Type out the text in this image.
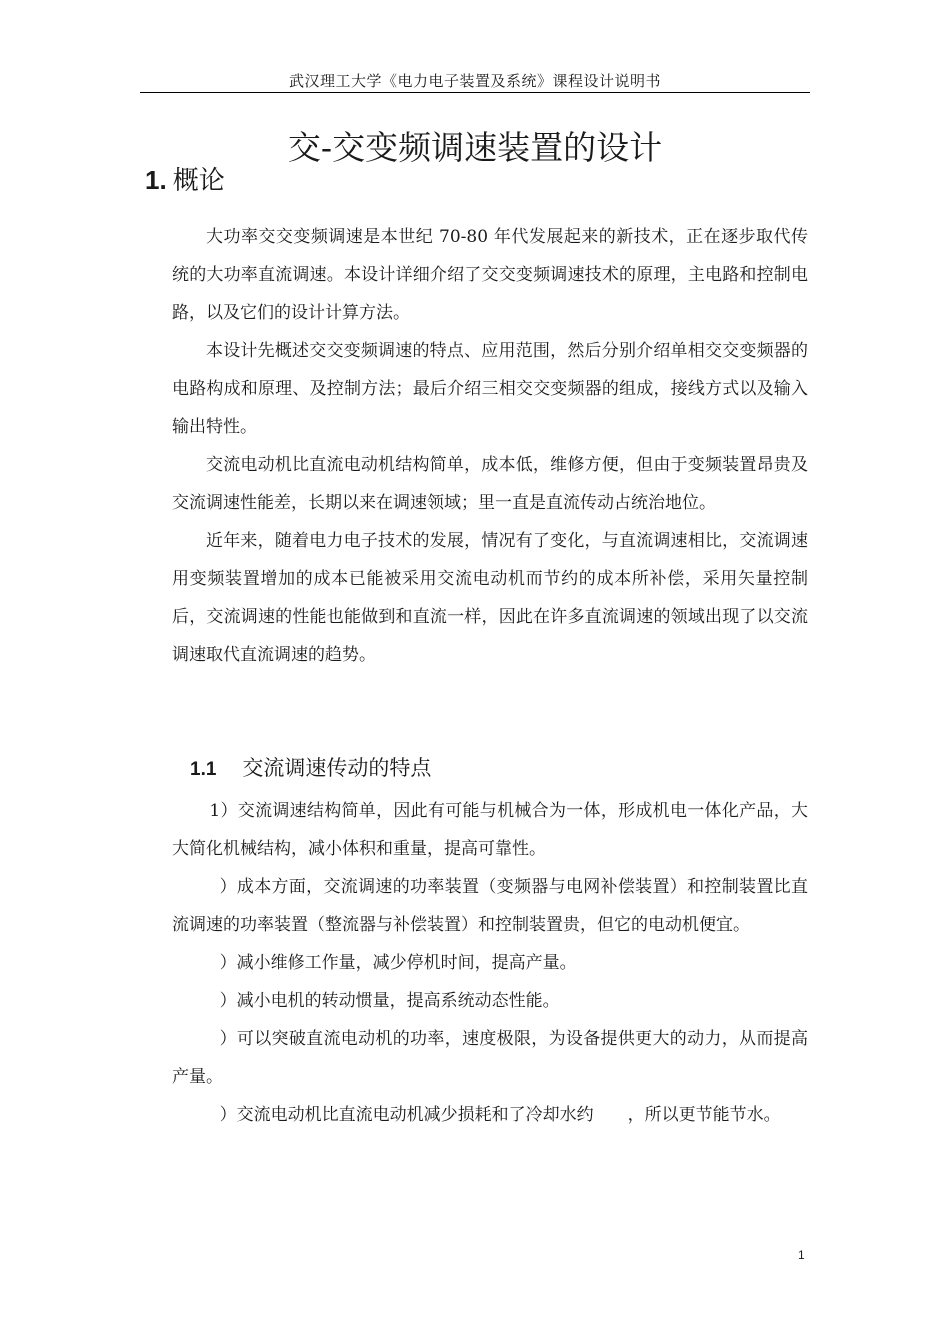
武汉理工大学《电力电子装置及系统》课程设计说明书
交-交变频调速装置的设计
1. 概论

大功率交交变频调速是本世纪 70-80 年代发展起来的新技术，正在逐步取代传统的大功率直流调速。本设计详细介绍了交交变频调速技术的原理，主电路和控制电路，以及它们的设计计算方法。

本设计先概述交交变频调速的特点、应用范围，然后分别介绍单相交交变频器的电路构成和原理、及控制方法；最后介绍三相交交变频器的组成，接线方式以及输入输出特性。

交流电动机比直流电动机结构简单，成本低，维修方便，但由于变频装置昂贵及交流调速性能差，长期以来在调速领域；里一直是直流传动占统治地位。

近年来，随着电力电子技术的发展，情况有了变化，与直流调速相比，交流调速用变频装置增加的成本已能被采用交流电动机而节约的成本所补偿，采用矢量控制后，交流调速的性能也能做到和直流一样，因此在许多直流调速的领域出现了以交流调速取代直流调速的趋势。

1.1 交流调速传动的特点

1）交流调速结构简单，因此有可能与机械合为一体，形成机电一体化产品，大大简化机械结构，减小体积和重量，提高可靠性。

）成本方面，交流调速的功率装置（变频器与电网补偿装置）和控制装置比直流调速的功率装置（整流器与补偿装置）和控制装置贵，但它的电动机便宜。

）减小维修工作量，减少停机时间，提高产量。

）减小电机的转动惯量，提高系统动态性能。

）可以突破直流电动机的功率，速度极限，为设备提供更大的动力，从而提高产量。

）交流电动机比直流电动机减少损耗和了冷却水约　　，所以更节能节水。

1
